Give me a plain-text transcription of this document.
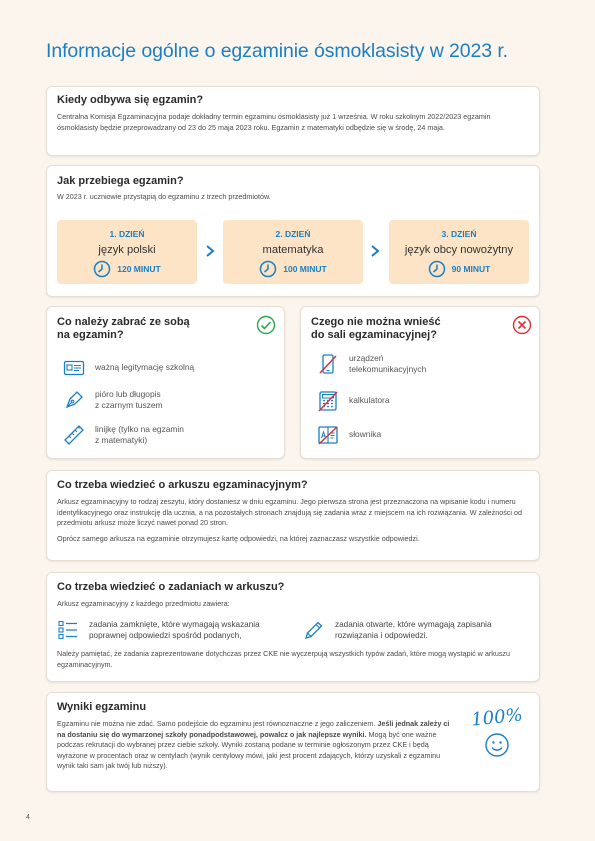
Informacje ogólne o egzaminie ósmoklasisty w 2023 r.
Kiedy odbywa się egzamin?
Centralna Komisja Egzaminacyjna podaje dokładny termin egzaminu ósmoklasisty już 1 września. W roku szkolnym 2022/2023 egzamin ósmoklasisty będzie przeprowadzany od 23 do 25 maja 2023 roku. Egzamin z matematyki odbędzie się w środę, 24 maja.
Jak przebiega egzamin?
W 2023 r. uczniowie przystąpią do egzaminu z trzech przedmiotów.
1. DZIEŃ
język polski
120 MINUT
2. DZIEŃ
matematyka
100 MINUT
3. DZIEŃ
język obcy nowożytny
90 MINUT
Co należy zabrać ze sobą
na egzamin?
ważną legitymację szkolną
pióro lub długopis
z czarnym tuszem
linijkę (tylko na egzamin
z matematyki)
Czego nie można wnieść
do sali egzaminacyjnej?
urządzeń
telekomunikacyjnych
kalkulatora
słownika
Co trzeba wiedzieć o arkuszu egzaminacyjnym?
Arkusz egzaminacyjny to rodzaj zeszytu, który dostaniesz w dniu egzaminu. Jego pierwsza strona jest przeznaczona na wpisanie kodu i numeru identyfikacyjnego oraz instrukcję dla ucznia, a na pozostałych stronach znajdują się zadania wraz z miejscem na ich rozwiązania. W zależności od przedmiotu arkusz może liczyć nawet ponad 20 stron.
Oprócz samego arkusza na egzaminie otrzymujesz kartę odpowiedzi, na której zaznaczasz wszystkie odpowiedzi.
Co trzeba wiedzieć o zadaniach w arkuszu?
Arkusz egzaminacyjny z każdego przedmiotu zawiera:
zadania zamknięte, które wymagają wskazania poprawnej odpowiedzi spośród podanych,
zadania otwarte, które wymagają zapisania rozwiązania i odpowiedzi.
Należy pamiętać, że zadania zaprezentowane dotychczas przez CKE nie wyczerpują wszystkich typów zadań, które mogą wystąpić w arkuszu egzaminacyjnym.
Wyniki egzaminu
Egzaminu nie można nie zdać. Samo podejście do egzaminu jest równoznaczne z jego zaliczeniem. Jeśli jednak zależy ci na dostaniu się do wymarzonej szkoły ponadpodstawowej, powalcz o jak najlepsze wyniki. Mogą być one ważne podczas rekrutacji do wybranej przez ciebie szkoły. Wyniki zostaną podane w terminie ogłoszonym przez CKE i będą wyrażone w procentach oraz w centylach (wynik centylowy mówi, jaki jest procent zdających, którzy uzyskali z egzaminu wynik taki sam jak twój lub niższy).
100%
4
